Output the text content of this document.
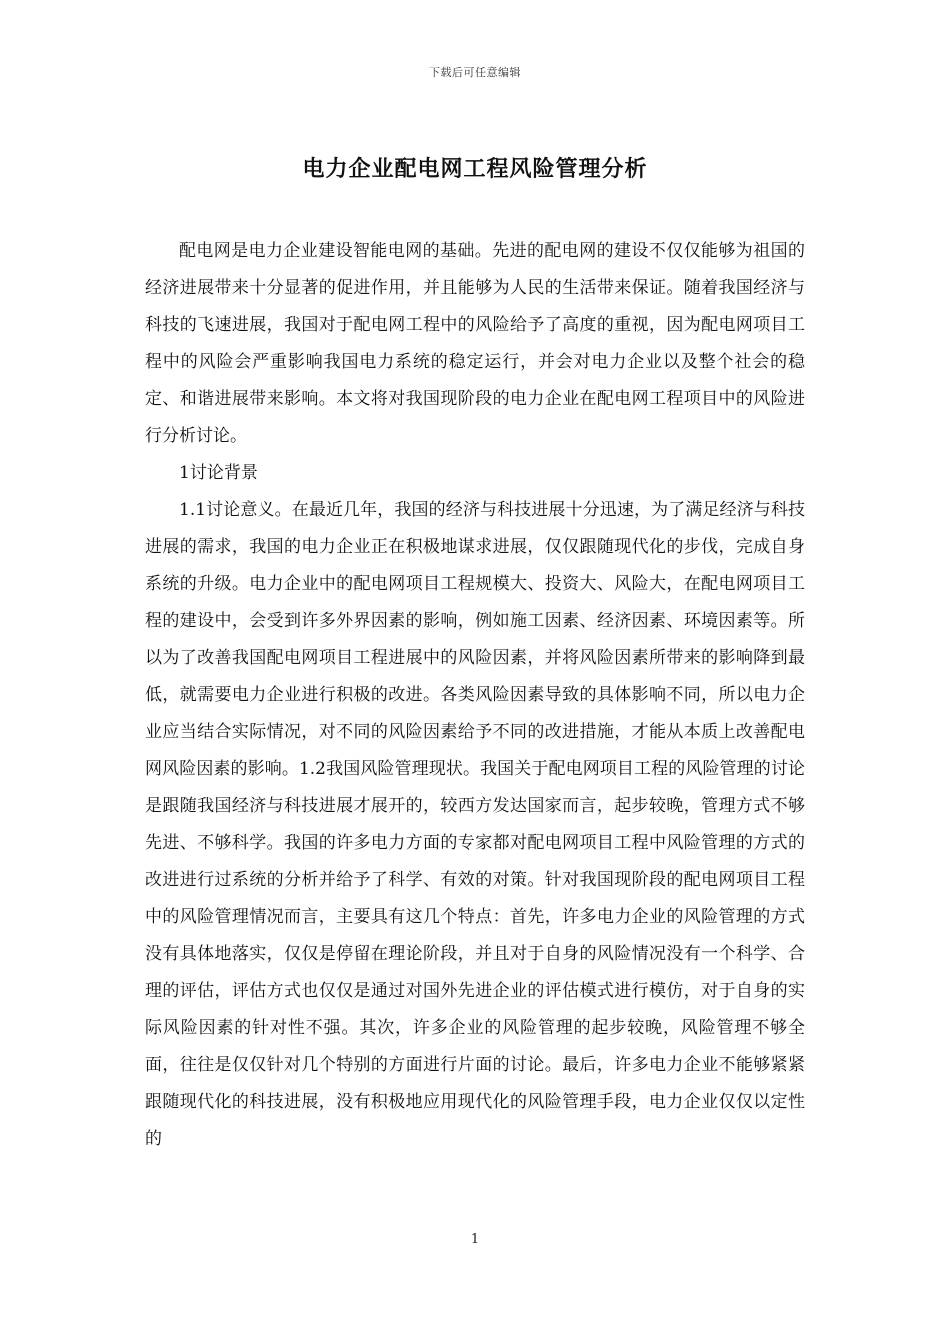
下载后可任意编辑
电力企业配电网工程风险管理分析

配电网是电力企业建设智能电网的基础。先进的配电网的建设不仅仅能够为祖国的经济进展带来十分显著的促进作用，并且能够为人民的生活带来保证。随着我国经济与科技的飞速进展，我国对于配电网工程中的风险给予了高度的重视，因为配电网项目工程中的风险会严重影响我国电力系统的稳定运行，并会对电力企业以及整个社会的稳定、和谐进展带来影响。本文将对我国现阶段的电力企业在配电网工程项目中的风险进行分析讨论。

1讨论背景

1.1讨论意义。在最近几年，我国的经济与科技进展十分迅速，为了满足经济与科技进展的需求，我国的电力企业正在积极地谋求进展，仅仅跟随现代化的步伐，完成自身系统的升级。电力企业中的配电网项目工程规模大、投资大、风险大，在配电网项目工程的建设中，会受到许多外界因素的影响，例如施工因素、经济因素、环境因素等。所以为了改善我国配电网项目工程进展中的风险因素，并将风险因素所带来的影响降到最低，就需要电力企业进行积极的改进。各类风险因素导致的具体影响不同，所以电力企业应当结合实际情况，对不同的风险因素给予不同的改进措施，才能从本质上改善配电网风险因素的影响。1.2我国风险管理现状。我国关于配电网项目工程的风险管理的讨论是跟随我国经济与科技进展才展开的，较西方发达国家而言，起步较晚，管理方式不够先进、不够科学。我国的许多电力方面的专家都对配电网项目工程中风险管理的方式的改进进行过系统的分析并给予了科学、有效的对策。针对我国现阶段的配电网项目工程中的风险管理情况而言，主要具有这几个特点：首先，许多电力企业的风险管理的方式没有具体地落实，仅仅是停留在理论阶段，并且对于自身的风险情况没有一个科学、合理的评估，评估方式也仅仅是通过对国外先进企业的评估模式进行模仿，对于自身的实际风险因素的针对性不强。其次，许多企业的风险管理的起步较晚，风险管理不够全面，往往是仅仅针对几个特别的方面进行片面的讨论。最后，许多电力企业不能够紧紧跟随现代化的科技进展，没有积极地应用现代化的风险管理手段，电力企业仅仅以定性的

1
